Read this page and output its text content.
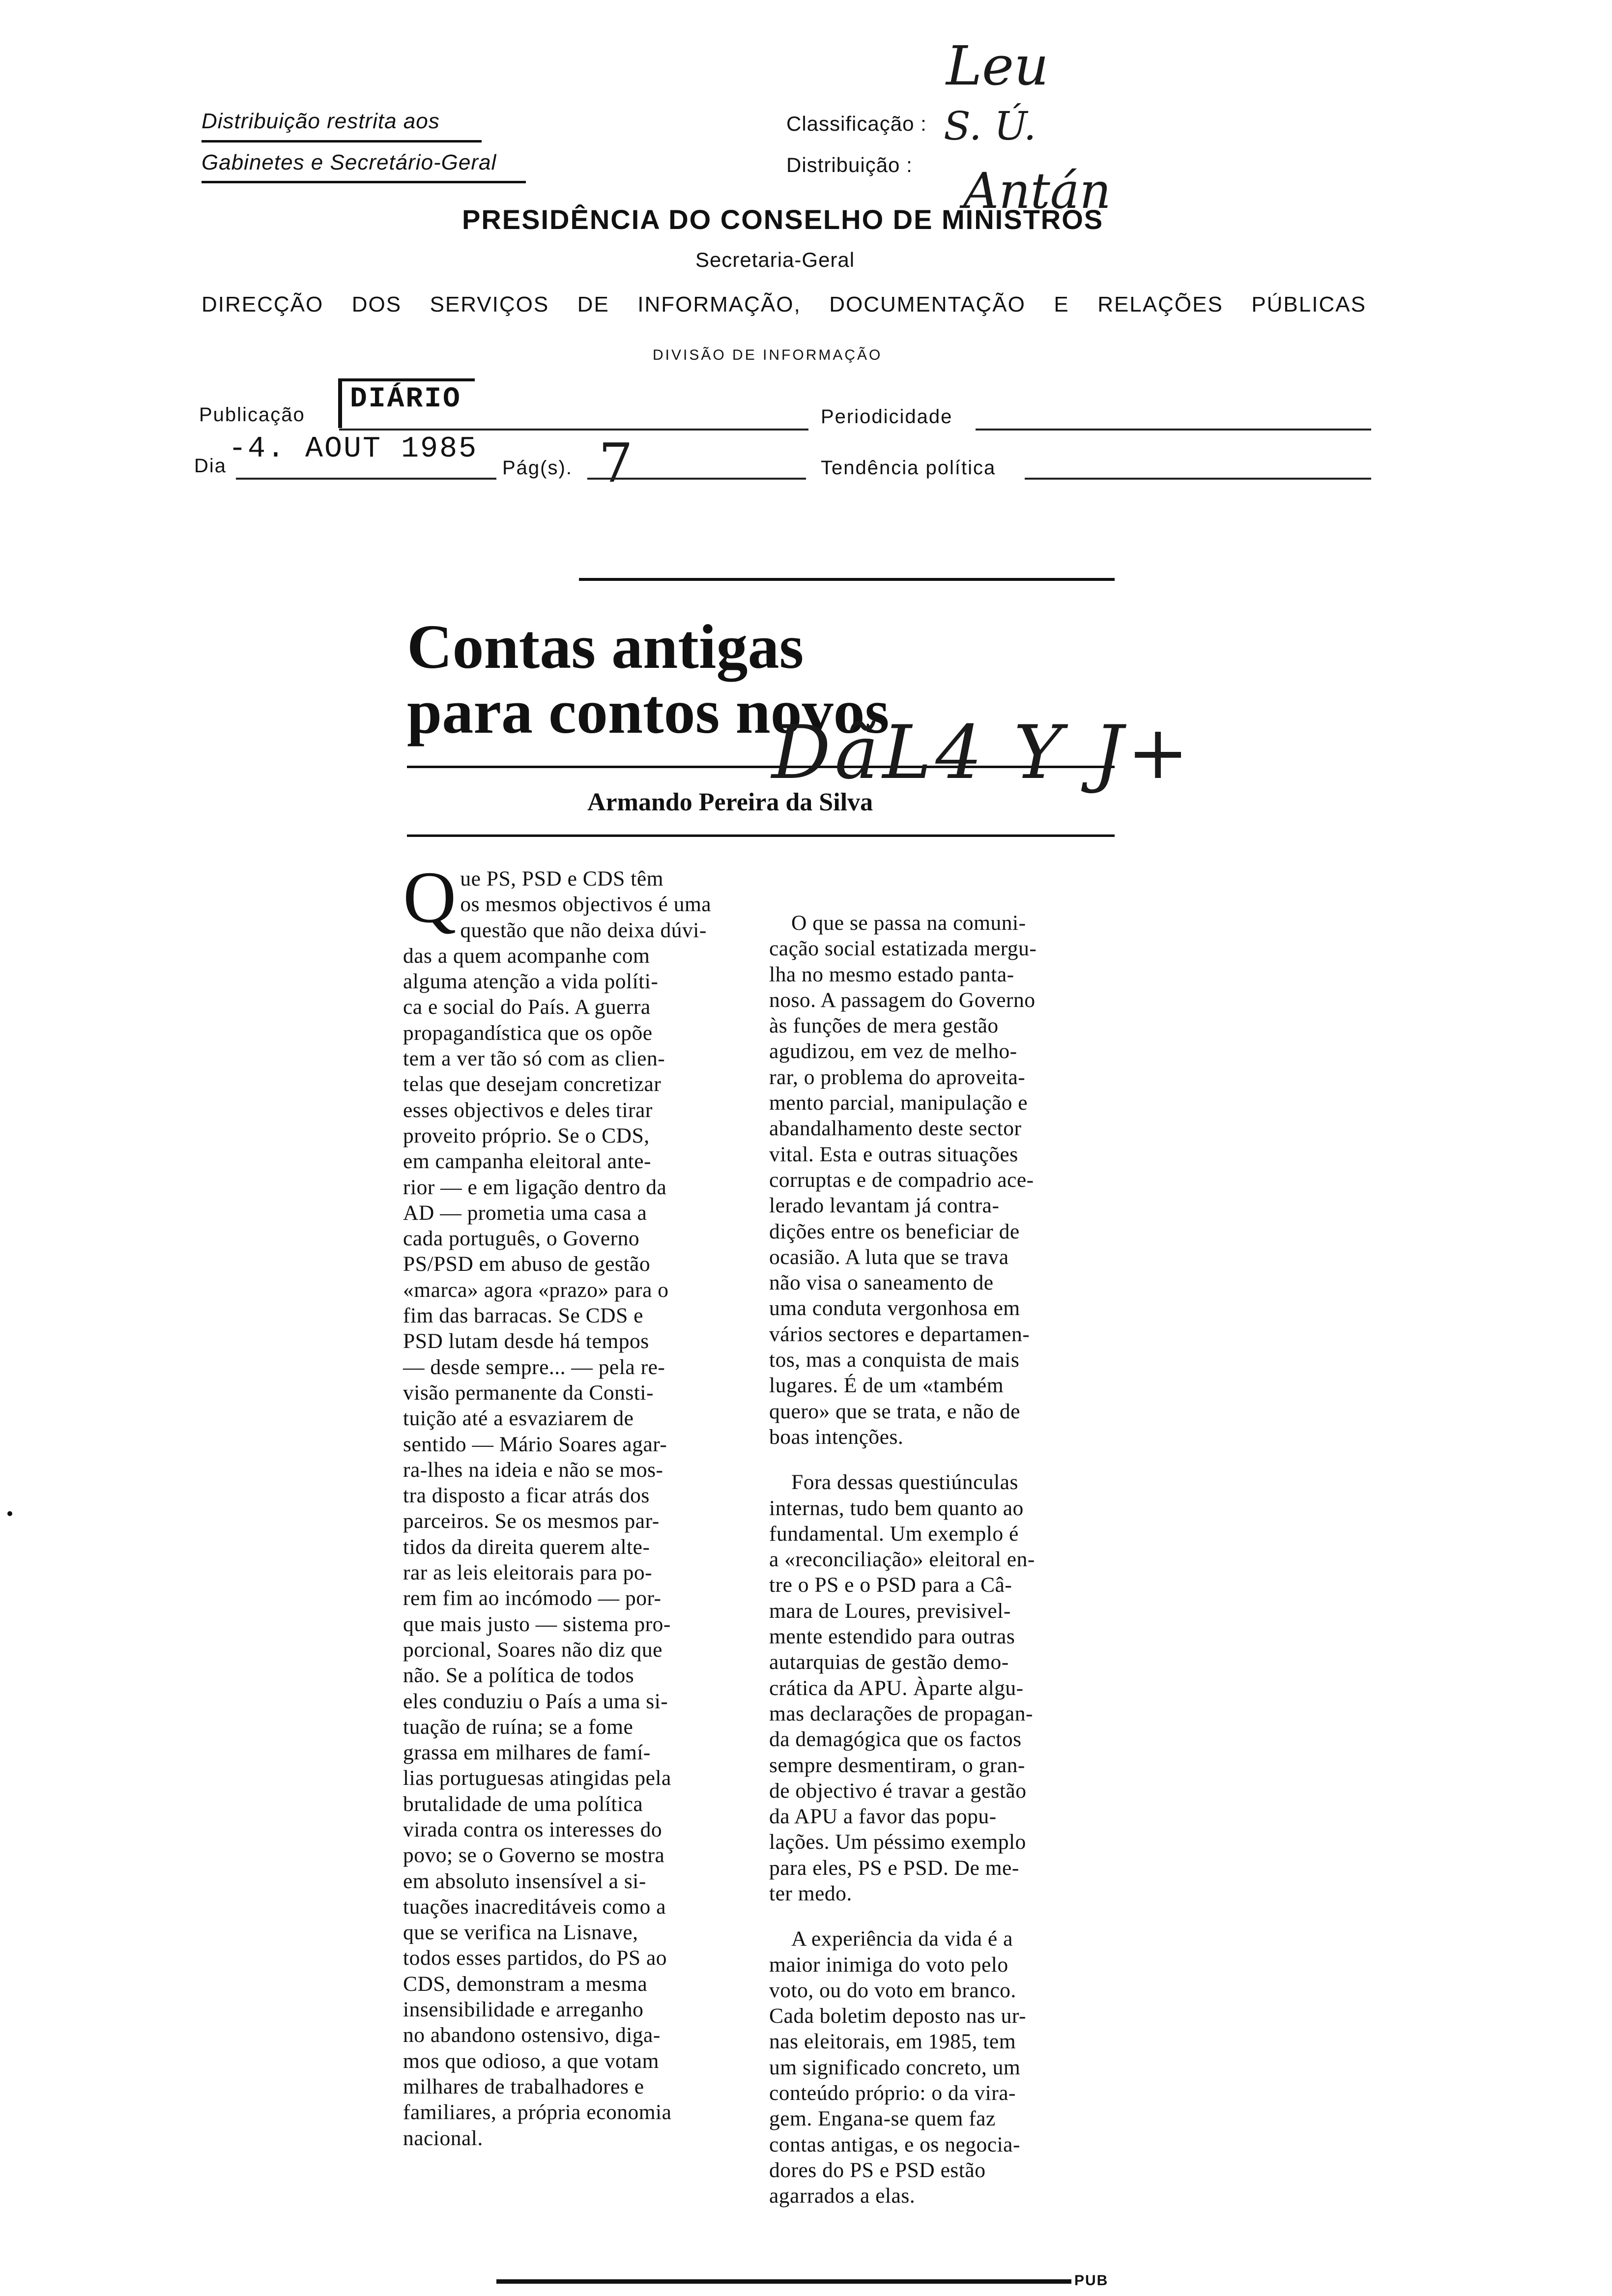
Distribuição restrita aos
Gabinetes e Secretário-Geral
Classificação :
Distribuição :
Leu
S. Ú.
Antán
PRESIDÊNCIA DO CONSELHO DE MINISTROS
Secretaria-Geral
DIRECÇÃO DOS SERVIÇOS DE INFORMAÇÃO, DOCUMENTAÇÃO E RELAÇÕES PÚBLICAS
DIVISÃO DE INFORMAÇÃO
Publicação DIÁRIO
Periodicidade
Dia -4. AOUT 1985
Pág(s). 7	Tendência política
Contas antigas
para contos novos
DãL4 Y J+
Armando Pereira da Silva
Q ue PS, PSD e CDS têm
os mesmos objectivos é uma
questão que não deixa dúvi-
das a quem acompanhe com
alguma atenção a vida políti-
ca e social do País. A guerra
propagandística que os opõe
tem a ver tão só com as clien-
telas que desejam concretizar
esses objectivos e deles tirar
proveito próprio. Se o CDS,
em campanha eleitoral ante-
rior — e em ligação dentro da
AD — prometia uma casa a
cada português, o Governo
PS/PSD em abuso de gestão
«marca» agora «prazo» para o
fim das barracas. Se CDS e
PSD lutam desde há tempos
— desde sempre... — pela re-
visão permanente da Consti-
tuição até a esvaziarem de
sentido — Mário Soares agar-
ra-lhes na ideia e não se mos-
tra disposto a ficar atrás dos
parceiros. Se os mesmos par-
tidos da direita querem alte-
rar as leis eleitorais para po-
rem fim ao incómodo — por-
que mais justo — sistema pro-
porcional, Soares não diz que
não. Se a política de todos
eles conduziu o País a uma si-
tuação de ruína; se a fome
grassa em milhares de famí-
lias portuguesas atingidas pela
brutalidade de uma política
virada contra os interesses do
povo; se o Governo se mostra
em absoluto insensível a si-
tuações inacreditáveis como a
que se verifica na Lisnave,
todos esses partidos, do PS ao
CDS, demonstram a mesma
insensibilidade e arreganho
no abandono ostensivo, diga-
mos que odioso, a que votam
milhares de trabalhadores e
familiares, a própria economia
nacional.
O que se passa na comuni-
cação social estatizada mergu-
lha no mesmo estado panta-
noso. A passagem do Governo
às funções de mera gestão
agudizou, em vez de melho-
rar, o problema do aproveita-
mento parcial, manipulação e
abandalhamento deste sector
vital. Esta e outras situações
corruptas e de compadrio ace-
lerado levantam já contra-
dições entre os beneficiar de
ocasião. A luta que se trava
não visa o saneamento de
uma conduta vergonhosa em
vários sectores e departamen-
tos, mas a conquista de mais
lugares. É de um «também
quero» que se trata, e não de
boas intenções.
Fora dessas questiúnculas
internas, tudo bem quanto ao
fundamental. Um exemplo é
a «reconciliação» eleitoral en-
tre o PS e o PSD para a Câ-
mara de Loures, previsivel-
mente estendido para outras
autarquias de gestão demo-
crática da APU. Àparte algu-
mas declarações de propagan-
da demagógica que os factos
sempre desmentiram, o gran-
de objectivo é travar a gestão
da APU a favor das popu-
lações. Um péssimo exemplo
para eles, PS e PSD. De me-
ter medo.
A experiência da vida é a
maior inimiga do voto pelo
voto, ou do voto em branco.
Cada boletim deposto nas ur-
nas eleitorais, em 1985, tem
um significado concreto, um
conteúdo próprio: o da vira-
gem. Engana-se quem faz
contas antigas, e os negocia-
dores do PS e PSD estão
agarrados a elas.
PUB
